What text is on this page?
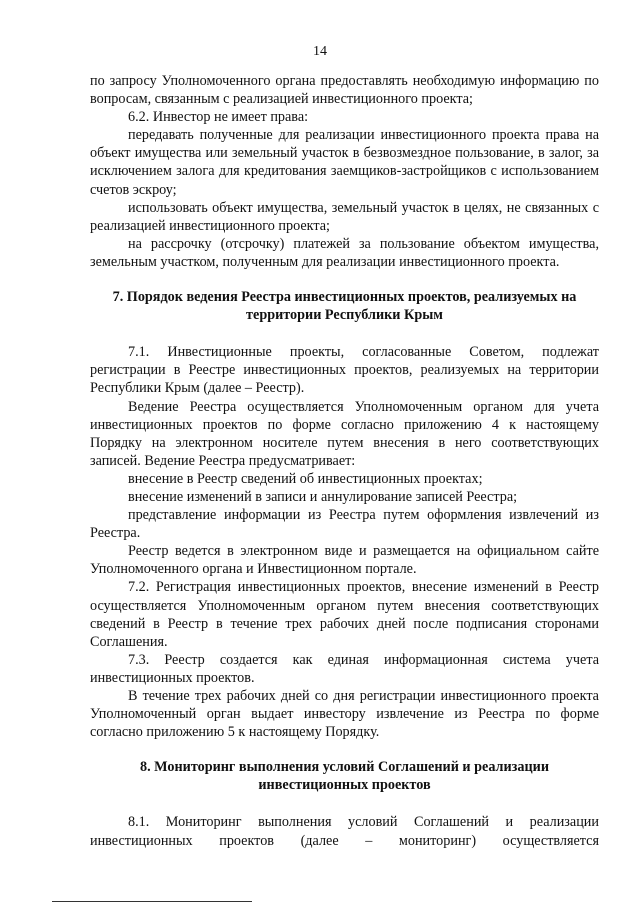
14

по запросу Уполномоченного органа предоставлять необходимую информацию по вопросам, связанным с реализацией инвестиционного проекта;

6.2. Инвестор не имеет права:

передавать полученные для реализации инвестиционного проекта права на объект имущества или земельный участок в безвозмездное пользование, в залог, за исключением залога для кредитования заемщиков-застройщиков с использованием счетов эскроу;

использовать объект имущества, земельный участок в целях, не связанных с реализацией инвестиционного проекта;

на рассрочку (отсрочку) платежей за пользование объектом имущества, земельным участком, полученным для реализации инвестиционного проекта.

7. Порядок ведения Реестра инвестиционных проектов, реализуемых на территории Республики Крым

7.1. Инвестиционные проекты, согласованные Советом, подлежат регистрации в Реестре инвестиционных проектов, реализуемых на территории Республики Крым (далее – Реестр).

Ведение Реестра осуществляется Уполномоченным органом для учета инвестиционных проектов по форме согласно приложению 4 к настоящему Порядку на электронном носителе путем внесения в него соответствующих записей. Ведение Реестра предусматривает:

внесение в Реестр сведений об инвестиционных проектах;

внесение изменений в записи и аннулирование записей Реестра;

представление информации из Реестра путем оформления извлечений из Реестра.

Реестр ведется в электронном виде и размещается на официальном сайте Уполномоченного органа и Инвестиционном портале.

7.2. Регистрация инвестиционных проектов, внесение изменений в Реестр осуществляется Уполномоченным органом путем внесения соответствующих сведений в Реестр в течение трех рабочих дней после подписания сторонами Соглашения.

7.3. Реестр создается как единая информационная система учета инвестиционных проектов.

В течение трех рабочих дней со дня регистрации инвестиционного проекта Уполномоченный орган выдает инвестору извлечение из Реестра по форме согласно приложению 5 к настоящему Порядку.

8. Мониторинг выполнения условий Соглашений и реализации инвестиционных проектов

8.1. Мониторинг выполнения условий Соглашений и реализации инвестиционных проектов (далее – мониторинг) осуществляется
